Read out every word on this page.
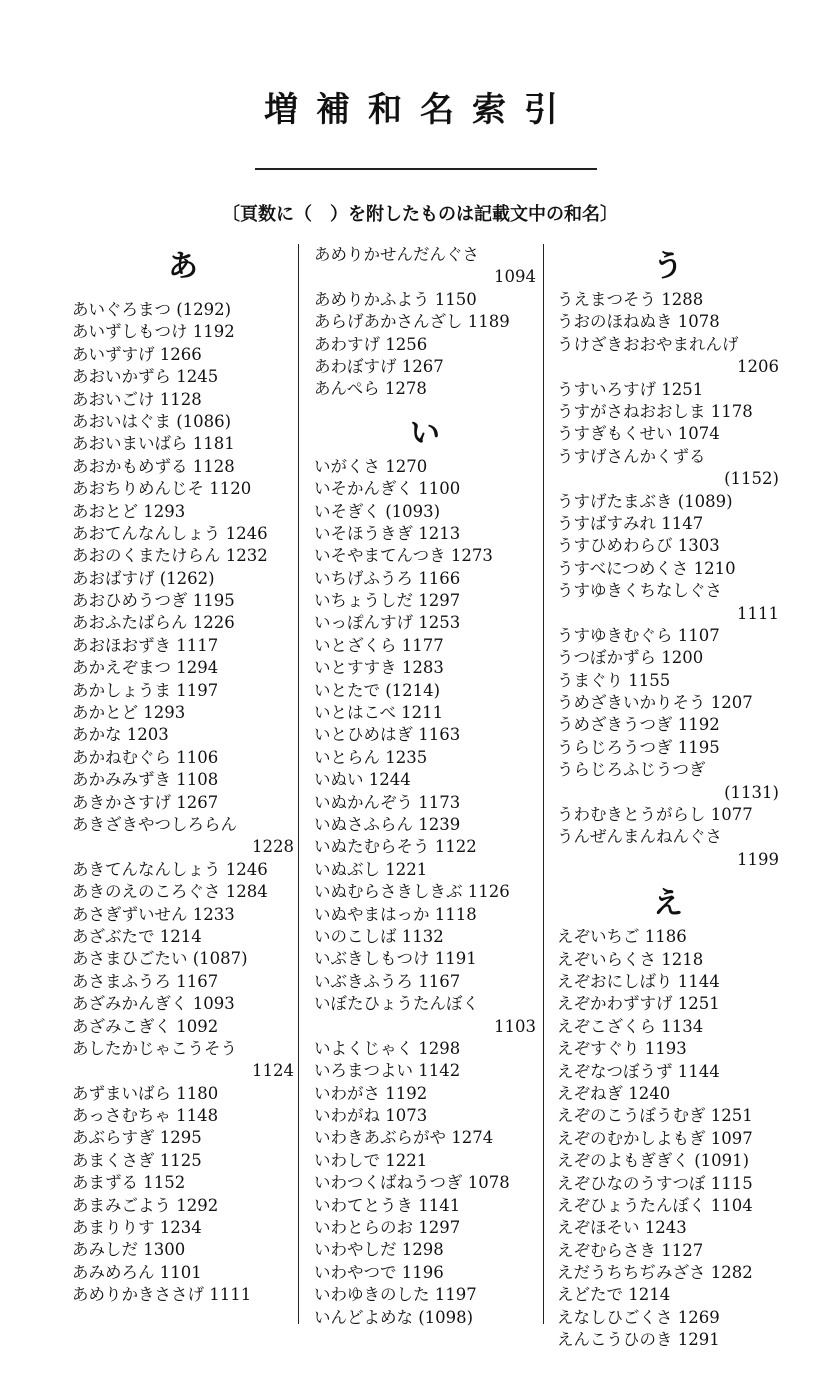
増補和名索引
〔頁数に（　）を附したものは記載文中の和名〕
あ
あいぐろまつ (1292)
あいずしもつけ 1192
あいずすげ 1266
あおいかずら 1245
あおいごけ 1128
あおいはぐま (1086)
あおいまいばら 1181
あおかもめずる 1128
あおちりめんじそ 1120
あおとど 1293
あおてんなんしょう 1246
あおのくまたけらん 1232
あおばすげ (1262)
あおひめうつぎ 1195
あおふたばらん 1226
あおほおずき 1117
あかえぞまつ 1294
あかしょうま 1197
あかとど 1293
あかな 1203
あかねむぐら 1106
あかみみずき 1108
あきかさすげ 1267
あきざきやつしろらん
1228
あきてんなんしょう 1246
あきのえのころぐさ 1284
あさぎずいせん 1233
あざぶたで 1214
あさまひごたい (1087)
あさまふうろ 1167
あざみかんぎく 1093
あざみこぎく 1092
あしたかじゃこうそう
1124
あずまいばら 1180
あっさむちゃ 1148
あぶらすぎ 1295
あまくさぎ 1125
あまずる 1152
あまみごよう 1292
あまりりす 1234
あみしだ 1300
あみめろん 1101
あめりかきささげ 1111
あめりかせんだんぐさ
1094
あめりかふよう 1150
あらげあかさんざし 1189
あわすげ 1256
あわぼすげ 1267
あんぺら 1278
い
いがくさ 1270
いそかんぎく 1100
いそぎく (1093)
いそほうきぎ 1213
いそやまてんつき 1273
いちげふうろ 1166
いちょうしだ 1297
いっぽんすげ 1253
いとざくら 1177
いとすすき 1283
いとたで (1214)
いとはこべ 1211
いとひめはぎ 1163
いとらん 1235
いぬい 1244
いぬかんぞう 1173
いぬさふらん 1239
いぬたむらそう 1122
いぬぶし 1221
いぬむらさきしきぶ 1126
いぬやまはっか 1118
いのこしば 1132
いぶきしもつけ 1191
いぶきふうろ 1167
いぼたひょうたんぼく
1103
いよくじゃく 1298
いろまつよい 1142
いわがさ 1192
いわがね 1073
いわきあぶらがや 1274
いわしで 1221
いわつくばねうつぎ 1078
いわてとうき 1141
いわとらのお 1297
いわやしだ 1298
いわやつで 1196
いわゆきのした 1197
いんどよめな (1098)
う
うえまつそう 1288
うおのほねぬき 1078
うけざきおおやまれんげ
1206
うすいろすげ 1251
うすがさねおおしま 1178
うすぎもくせい 1074
うすげさんかくずる
(1152)
うすげたまぶき (1089)
うすばすみれ 1147
うすひめわらび 1303
うすべにつめくさ 1210
うすゆきくちなしぐさ
1111
うすゆきむぐら 1107
うつぼかずら 1200
うまぐり 1155
うめざきいかりそう 1207
うめざきうつぎ 1192
うらじろうつぎ 1195
うらじろふじうつぎ
(1131)
うわむきとうがらし 1077
うんぜんまんねんぐさ
1199
え
えぞいちご 1186
えぞいらくさ 1218
えぞおにしばり 1144
えぞかわずすげ 1251
えぞこざくら 1134
えぞすぐり 1193
えぞなつぼうず 1144
えぞねぎ 1240
えぞのこうぼうむぎ 1251
えぞのむかしよもぎ 1097
えぞのよもぎぎく (1091)
えぞひなのうすつぼ 1115
えぞひょうたんぼく 1104
えぞほそい 1243
えぞむらさき 1127
えだうちちぢみざさ 1282
えどたで 1214
えなしひごくさ 1269
えんこうひのき 1291
